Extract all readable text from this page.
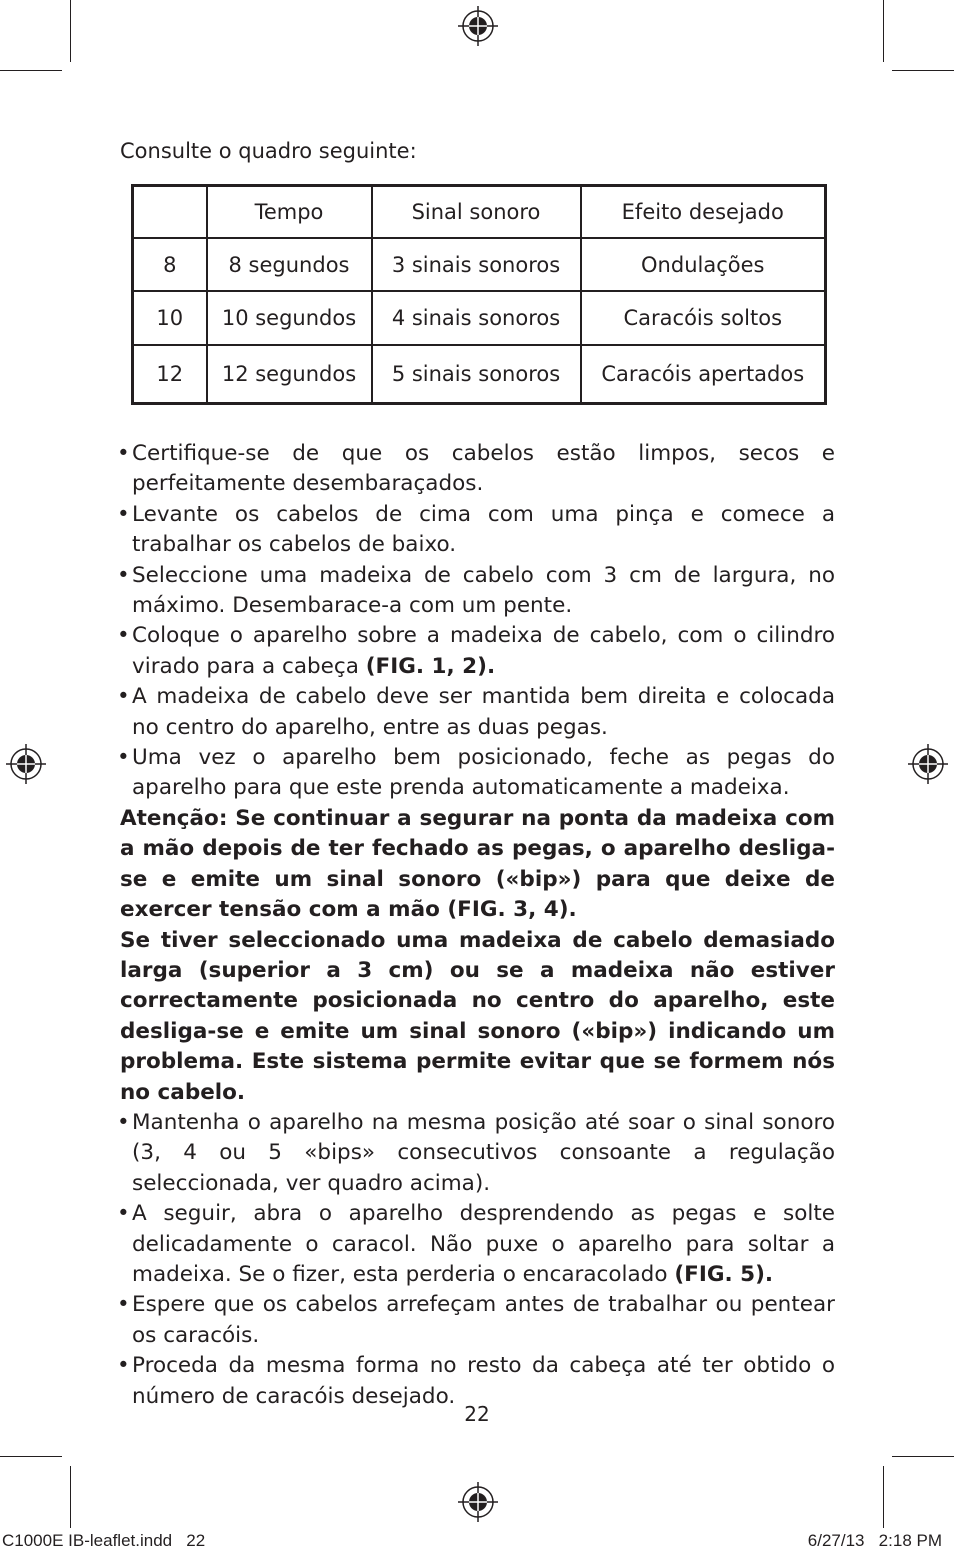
Consulte o quadro seguinte:

	Tempo	Sinal sonoro	Efeito desejado
8	8 segundos	3 sinais sonoros	Ondulações
10	10 segundos	4 sinais sonoros	Caracóis soltos
12	12 segundos	5 sinais sonoros	Caracóis apertados
• Certifique-se de que os cabelos estão limpos, secos e perfeitamente desembaraçados.
• Levante os cabelos de cima com uma pinça e comece a trabalhar os cabelos de baixo.
• Seleccione uma madeixa de cabelo com 3 cm de largura, no máximo. Desembarace-a com um pente.
• Coloque o aparelho sobre a madeixa de cabelo, com o cilindro virado para a cabeça (FIG. 1, 2).
• A madeixa de cabelo deve ser mantida bem direita e colocada no centro do aparelho, entre as duas pegas.
• Uma vez o aparelho bem posicionado, feche as pegas do aparelho para que este prenda automaticamente a madeixa.
Atenção: Se continuar a segurar na ponta da madeixa com a mão depois de ter fechado as pegas, o aparelho desliga-se e emite um sinal sonoro («bip») para que deixe de exercer tensão com a mão (FIG. 3, 4).
Se tiver seleccionado uma madeixa de cabelo demasiado larga (superior a 3 cm) ou se a madeixa não estiver correctamente posicionada no centro do aparelho, este desliga-se e emite um sinal sonoro («bip») indicando um problema. Este sistema permite evitar que se formem nós no cabelo.
• Mantenha o aparelho na mesma posição até soar o sinal sonoro (3, 4 ou 5 «bips» consecutivos consoante a regulação seleccionada, ver quadro acima).
• A seguir, abra o aparelho desprendendo as pegas e solte delicadamente o caracol. Não puxe o aparelho para soltar a madeixa. Se o fizer, esta perderia o encaracolado (FIG. 5).
• Espere que os cabelos arrefeçam antes de trabalhar ou pentear os caracóis.
• Proceda da mesma forma no resto da cabeça até ter obtido o número de caracóis desejado.
22
C1000E IB-leaflet.indd   22	6/27/13   2:18 PM
